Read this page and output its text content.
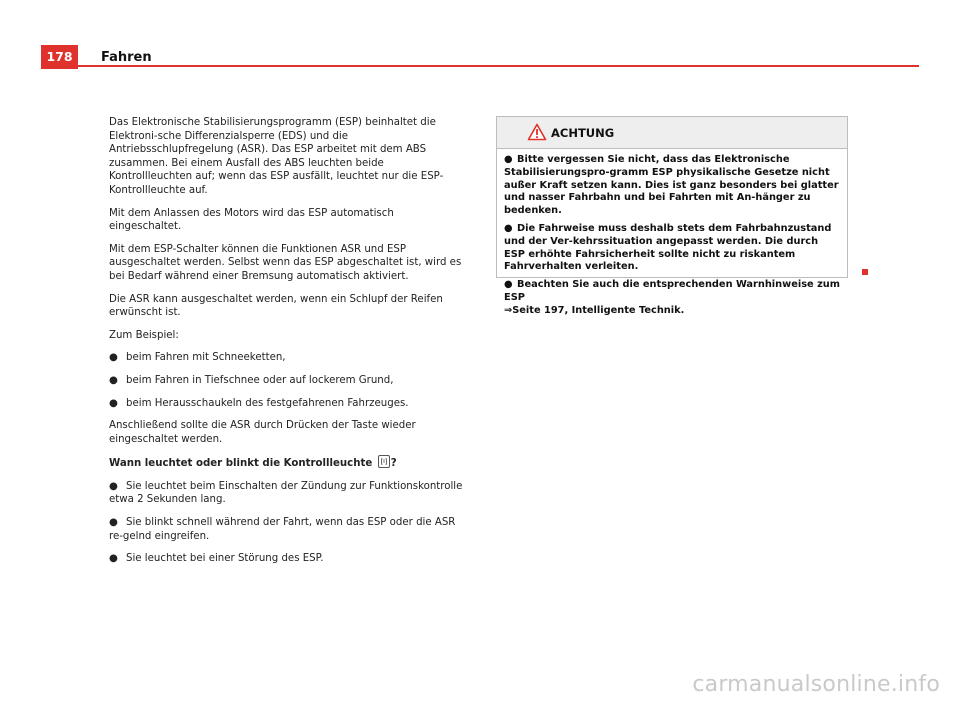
178	Fahren

Das Elektronische Stabilisierungsprogramm (ESP) beinhaltet die Elektroni-sche Differenzialsperre (EDS) und die Antriebsschlupfregelung (ASR). Das ESP arbeitet mit dem ABS zusammen. Bei einem Ausfall des ABS leuchten beide Kontrollleuchten auf; wenn das ESP ausfällt, leuchtet nur die ESP-Kontrollleuchte auf.

Mit dem Anlassen des Motors wird das ESP automatisch eingeschaltet.

Mit dem ESP-Schalter können die Funktionen ASR und ESP ausgeschaltet werden. Selbst wenn das ESP abgeschaltet ist, wird es bei Bedarf während einer Bremsung automatisch aktiviert.

Die ASR kann ausgeschaltet werden, wenn ein Schlupf der Reifen erwünscht ist.

Zum Beispiel:

● beim Fahren mit Schneeketten,
● beim Fahren in Tiefschnee oder auf lockerem Grund,
● beim Herausschaukeln des festgefahrenen Fahrzeuges.

Anschließend sollte die ASR durch Drücken der Taste wieder eingeschaltet werden.

Wann leuchtet oder blinkt die Kontrollleuchte ?
● Sie leuchtet beim Einschalten der Zündung zur Funktionskontrolle etwa 2 Sekunden lang.
● Sie blinkt schnell während der Fahrt, wenn das ESP oder die ASR re-gelnd eingreifen.
● Sie leuchtet bei einer Störung des ESP.
ACHTUNG
● Bitte vergessen Sie nicht, dass das Elektronische Stabilisierungspro-gramm ESP physikalische Gesetze nicht außer Kraft setzen kann. Dies ist ganz besonders bei glatter und nasser Fahrbahn und bei Fahrten mit An-hänger zu bedenken.
● Die Fahrweise muss deshalb stets dem Fahrbahnzustand und der Ver-kehrssituation angepasst werden. Die durch ESP erhöhte Fahrsicherheit sollte nicht zu riskantem Fahrverhalten verleiten.
● Beachten Sie auch die entsprechenden Warnhinweise zum ESP
⇒Seite 197, Intelligente Technik.
carmanualsonline.info
